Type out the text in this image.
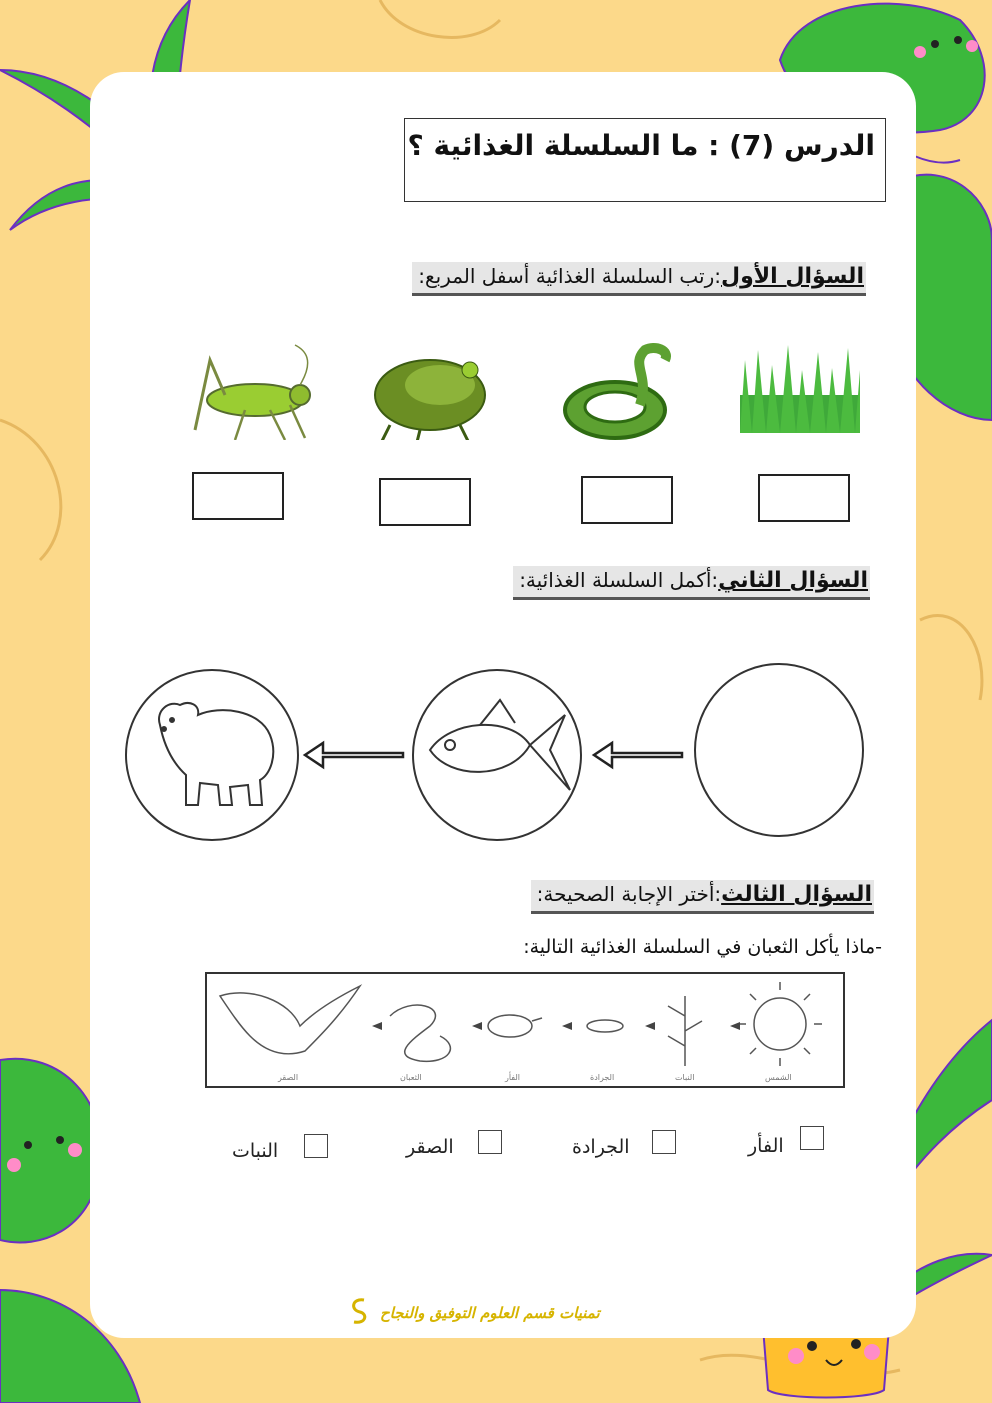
الدرس (7) : ما السلسلة الغذائية ؟
السؤال الأول:رتب السلسلة الغذائية أسفل المربع:
السؤال الثاني:أكمل السلسلة الغذائية:
السؤال الثالث:أختر الإجابة الصحيحة:
-ماذا يأكل الثعبان في السلسلة الغذائية التالية:
الصقر	الثعبان	الفأر	الجرادة	النبات	الشمس
الفأر
الجرادة
الصقر
النبات
تمنيات قسم العلوم التوفيق والنجاح
